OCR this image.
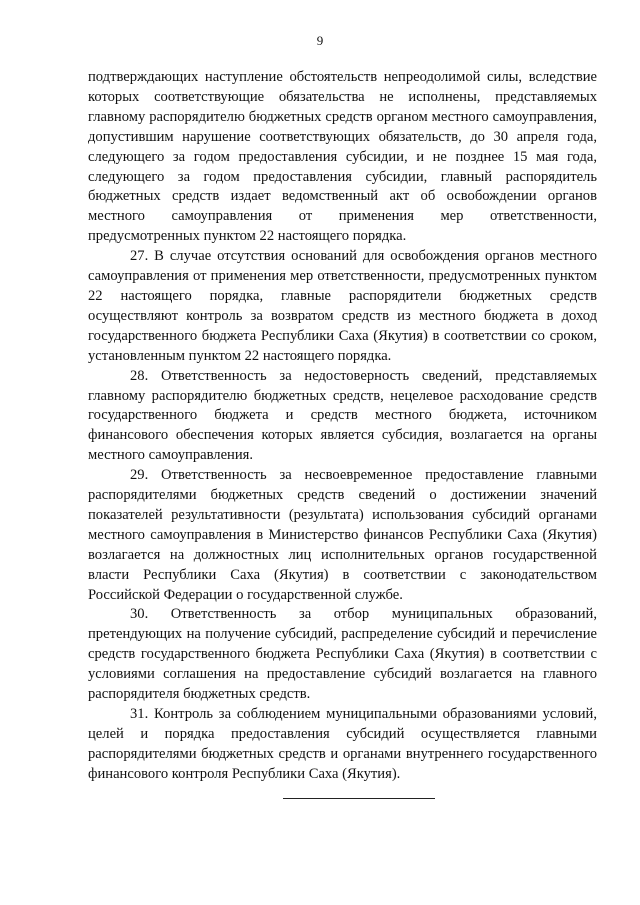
9

подтверждающих наступление обстоятельств непреодолимой силы, вследствие которых соответствующие обязательства не исполнены, представляемых главному распорядителю бюджетных средств органом местного самоуправления, допустившим нарушение соответствующих обязательств, до 30 апреля года, следующего за годом предоставления субсидии, и не позднее 15 мая года, следующего за годом предоставления субсидии, главный распорядитель бюджетных средств издает ведомственный акт об освобождении органов местного самоуправления от применения мер ответственности, предусмотренных пунктом 22 настоящего порядка.

27. В случае отсутствия оснований для освобождения органов местного самоуправления от применения мер ответственности, предусмотренных пунктом 22 настоящего порядка, главные распорядители бюджетных средств осуществляют контроль за возвратом средств из местного бюджета в доход государственного бюджета Республики Саха (Якутия) в соответствии со сроком, установленным пунктом 22 настоящего порядка.

28. Ответственность за недостоверность сведений, представляемых главному распорядителю бюджетных средств, нецелевое расходование средств государственного бюджета и средств местного бюджета, источником финансового обеспечения которых является субсидия, возлагается на органы местного самоуправления.

29. Ответственность за несвоевременное предоставление главными распорядителями бюджетных средств сведений о достижении значений показателей результативности (результата) использования субсидий органами местного самоуправления в Министерство финансов Республики Саха (Якутия) возлагается на должностных лиц исполнительных органов государственной власти Республики Саха (Якутия) в соответствии с законодательством Российской Федерации о государственной службе.

30. Ответственность за отбор муниципальных образований, претендующих на получение субсидий, распределение субсидий и перечисление средств государственного бюджета Республики Саха (Якутия) в соответствии с условиями соглашения на предоставление субсидий возлагается на главного распорядителя бюджетных средств.

31. Контроль за соблюдением муниципальными образованиями условий, целей и порядка предоставления субсидий осуществляется главными распорядителями бюджетных средств и органами внутреннего государственного финансового контроля Республики Саха (Якутия).
